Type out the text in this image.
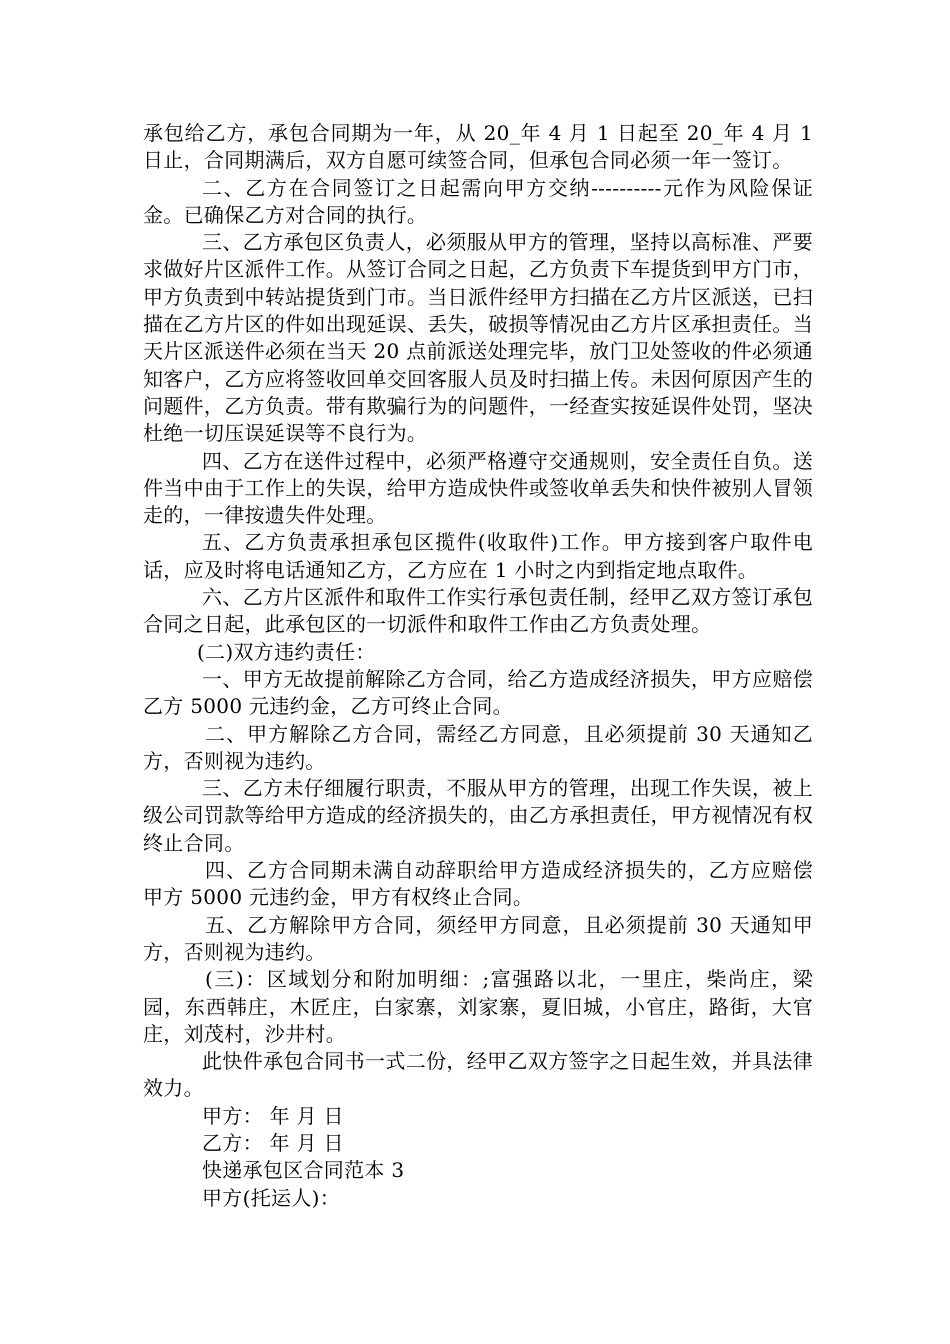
承包给乙方，承包合同期为一年，从 20_年 4 月 1 日起至 20_年 4 月 1 日止，合同期满后，双方自愿可续签合同，但承包合同必须一年一签订。

二、乙方在合同签订之日起需向甲方交纳----------元作为风险保证金。已确保乙方对合同的执行。

三、乙方承包区负责人，必须服从甲方的管理，坚持以高标准、严要求做好片区派件工作。从签订合同之日起，乙方负责下车提货到甲方门市，甲方负责到中转站提货到门市。当日派件经甲方扫描在乙方片区派送，已扫描在乙方片区的件如出现延误、丢失，破损等情况由乙方片区承担责任。当天片区派送件必须在当天 20 点前派送处理完毕，放门卫处签收的件必须通知客户，乙方应将签收回单交回客服人员及时扫描上传。未因何原因产生的问题件，乙方负责。带有欺骗行为的问题件，一经查实按延误件处罚，坚决杜绝一切压误延误等不良行为。

四、乙方在送件过程中，必须严格遵守交通规则，安全责任自负。送件当中由于工作上的失误，给甲方造成快件或签收单丢失和快件被别人冒领走的，一律按遗失件处理。

五、乙方负责承担承包区揽件(收取件)工作。甲方接到客户取件电话，应及时将电话通知乙方，乙方应在 1 小时之内到指定地点取件。

六、乙方片区派件和取件工作实行承包责任制，经甲乙双方签订承包合同之日起，此承包区的一切派件和取件工作由乙方负责处理。

(二)双方违约责任：

一、甲方无故提前解除乙方合同，给乙方造成经济损失，甲方应赔偿乙方 5000 元违约金，乙方可终止合同。

二、甲方解除乙方合同，需经乙方同意，且必须提前 30 天通知乙方，否则视为违约。

三、乙方未仔细履行职责，不服从甲方的管理，出现工作失误，被上级公司罚款等给甲方造成的经济损失的，由乙方承担责任，甲方视情况有权终止合同。

四、乙方合同期未满自动辞职给甲方造成经济损失的，乙方应赔偿甲方 5000 元违约金，甲方有权终止合同。

五、乙方解除甲方合同，须经甲方同意，且必须提前 30 天通知甲方，否则视为违约。

(三)：区域划分和附加明细：;富强路以北，一里庄，柴尚庄，梁园，东西韩庄，木匠庄，白家寨，刘家寨，夏旧城，小官庄，路街，大官庄，刘茂村，沙井村。

此快件承包合同书一式二份，经甲乙双方签字之日起生效，并具法律效力。

甲方： 年 月 日

乙方： 年 月 日

快递承包区合同范本 3

甲方(托运人)：
